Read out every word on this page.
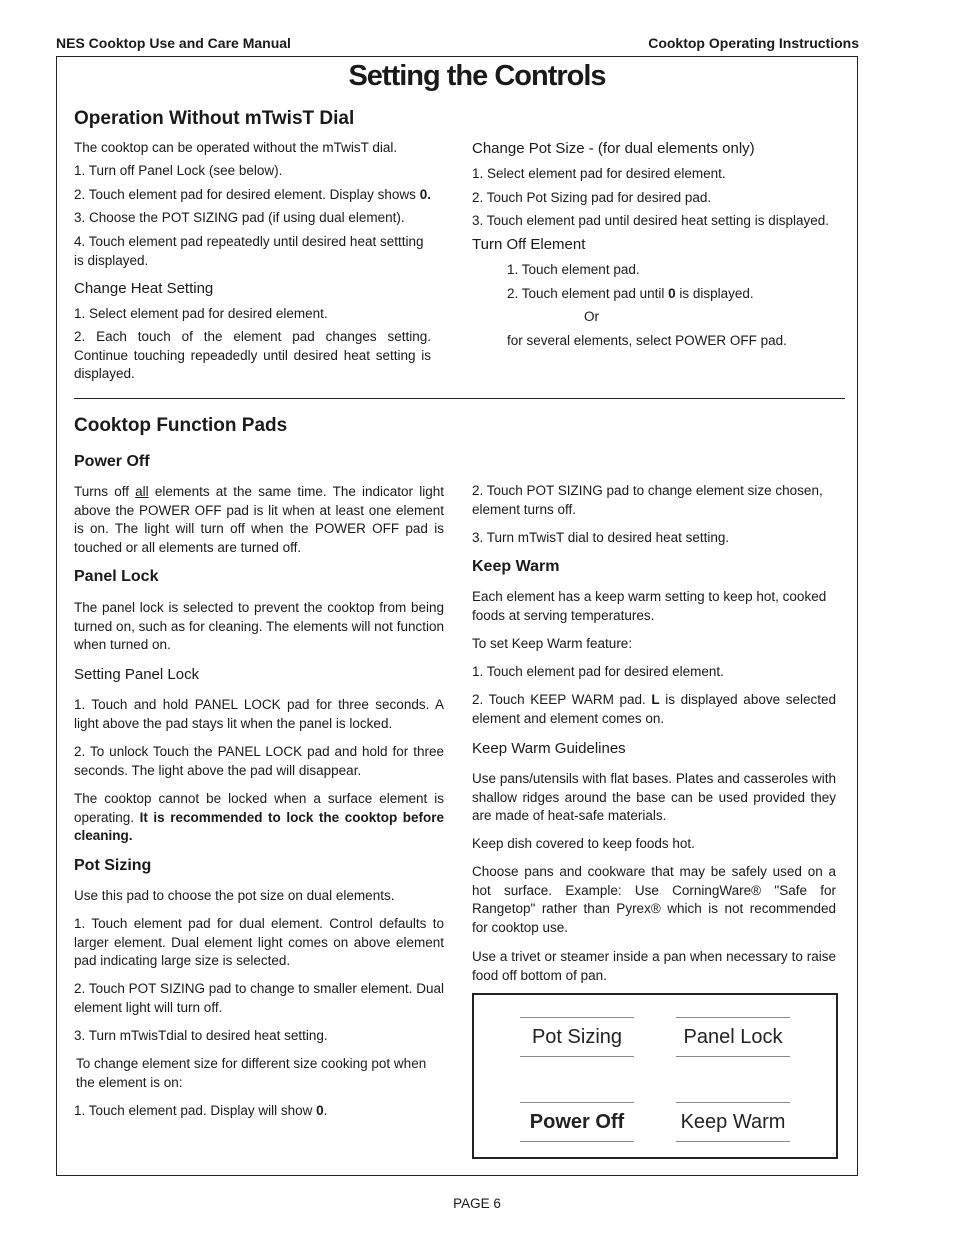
NES Cooktop Use and Care Manual	Cooktop Operating Instructions
Setting the Controls
Operation Without mTwisT Dial
The cooktop can be operated without the mTwisT dial.
1. Turn off Panel Lock (see below).
2. Touch element pad for desired element. Display shows 0.
3. Choose the POT SIZING pad (if using dual element).
4. Touch element pad repeatedly until desired heat settting is displayed.
Change Heat Setting
1. Select element pad for desired element.
2. Each touch of the element pad changes setting. Continue touching repeadedly until desired heat setting is displayed.
Change Pot Size - (for dual elements only)
1. Select element pad for desired element.
2. Touch Pot Sizing pad for desired pad.
3. Touch element pad until desired heat setting is displayed.
Turn Off Element
1. Touch element pad.
2. Touch element pad until 0 is displayed.
Or
for several elements, select POWER OFF pad.
Cooktop Function Pads
Power Off
Turns off all elements at the same time. The indicator light above the POWER OFF pad is lit when at least one element is on. The light will turn off when the POWER OFF pad is touched or all elements are turned off.
Panel Lock
The panel lock is selected to prevent the cooktop from being turned on, such as for cleaning. The elements will not function when turned on.
Setting Panel Lock
1. Touch and hold PANEL LOCK pad for three seconds. A light above the pad stays lit when the panel is locked.
2. To unlock Touch the PANEL LOCK pad and hold for three seconds. The light above the pad will disappear.
The cooktop cannot be locked when a surface element is operating. It is recommended to lock the cooktop before cleaning.
Pot Sizing
Use this pad to choose the pot size on dual elements.
1. Touch element pad for dual element. Control defaults to larger element. Dual element light comes on above element pad indicating large size is selected.
2. Touch POT SIZING pad to change to smaller element. Dual element light will turn off.
3. Turn mTwisTdial to desired heat setting.
To change element size for different size cooking pot when the element is on:
1. Touch element pad. Display will show 0.
2. Touch POT SIZING pad to change element size chosen, element turns off.
3. Turn mTwisT dial to desired heat setting.
Keep Warm
Each element has a keep warm setting to keep hot, cooked foods at serving temperatures.
To set Keep Warm feature:
1. Touch element pad for desired element.
2. Touch KEEP WARM pad. L is displayed above selected element and element comes on.
Keep Warm Guidelines
Use pans/utensils with flat bases. Plates and casseroles with shallow ridges around the base can be used provided they are made of heat-safe materials.
Keep dish covered to keep foods hot.
Choose pans and cookware that may be safely used on a hot surface. Example: Use CorningWare® "Safe for Rangetop" rather than Pyrex® which is not recommended for cooktop use.
Use a trivet or steamer inside a pan when necessary to raise food off bottom of pan.
Pot Sizing	Panel Lock
Power Off	Keep Warm
PAGE 6
